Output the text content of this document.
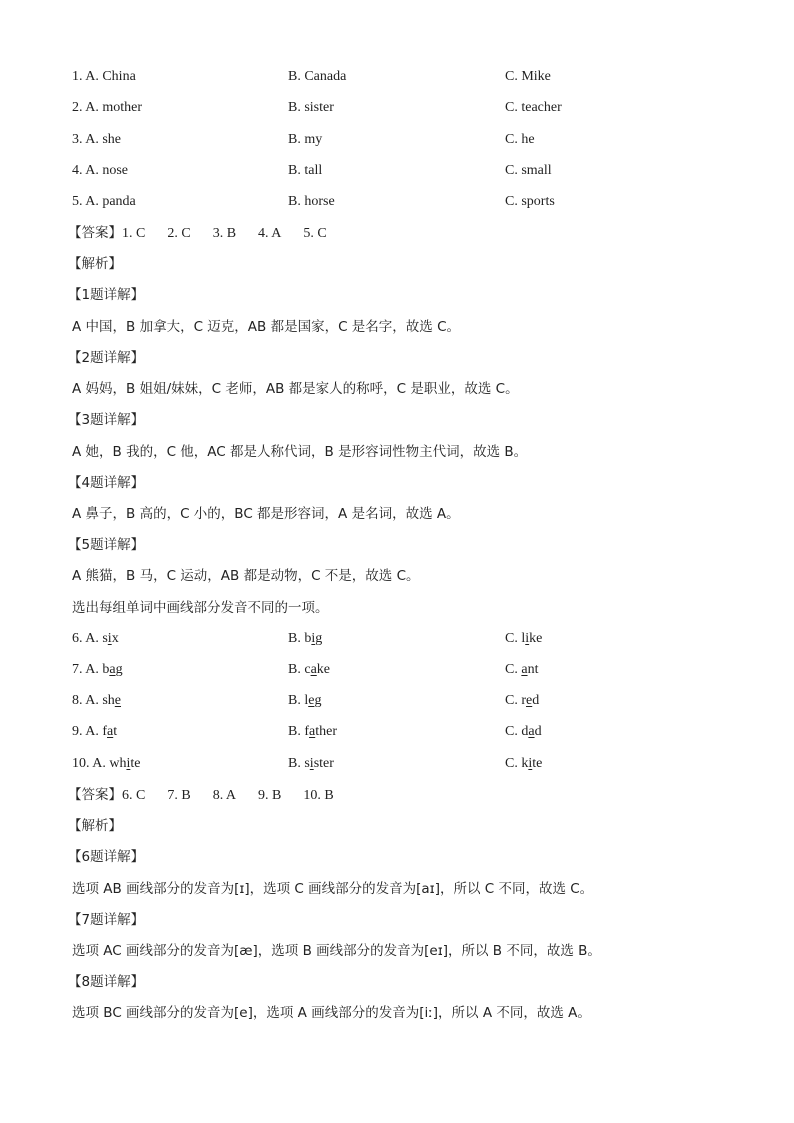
1. A. China	B. Canada	C. Mike
2. A. mother	B. sister	C. teacher
3. A. she	B. my	C. he
4. A. nose	B. tall	C. small
5. A. panda	B. horse	C. sports
【答案】1. C 2. C 3. B 4. A 5. C
【解析】
【1题详解】
A 中国，B 加拿大，C 迈克，AB 都是国家，C 是名字，故选 C。
【2题详解】
A 妈妈，B 姐姐/妹妹，C 老师，AB 都是家人的称呼，C 是职业，故选 C。
【3题详解】
A 她，B 我的，C 他，AC 都是人称代词，B 是形容词性物主代词，故选 B。
【4题详解】
A 鼻子，B 高的，C 小的，BC 都是形容词，A 是名词，故选 A。
【5题详解】
A 熊猫，B 马，C 运动，AB 都是动物，C 不是，故选 C。
选出每组单词中画线部分发音不同的一项。
6. A. six	B. big	C. like
7. A. bag	B. cake	C. ant
8. A. she	B. leg	C. red
9. A. fat	B. father	C. dad
10. A. white	B. sister	C. kite
【答案】6. C 7. B 8. A 9. B 10. B
【解析】
【6题详解】
选项 AB 画线部分的发音为[ɪ]，选项 C 画线部分的发音为[aɪ]，所以 C 不同，故选 C。
【7题详解】
选项 AC 画线部分的发音为[æ]，选项 B 画线部分的发音为[eɪ]，所以 B 不同，故选 B。
【8题详解】
选项 BC 画线部分的发音为[e]，选项 A 画线部分的发音为[iː]，所以 A 不同，故选 A。
